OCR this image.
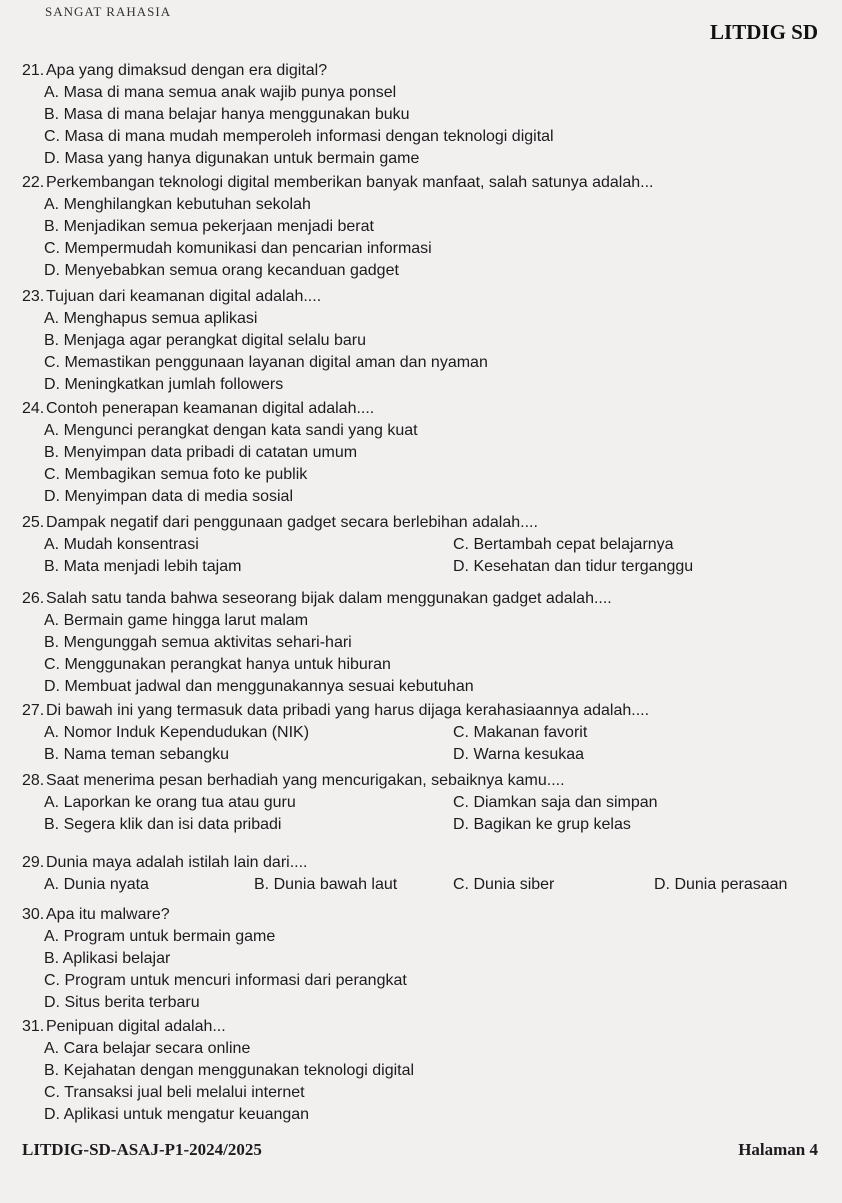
SANGAT RAHASIA
LITDIG SD
21. Apa yang dimaksud dengan era digital?
A. Masa di mana semua anak wajib punya ponsel
B. Masa di mana belajar hanya menggunakan buku
C. Masa di mana mudah memperoleh informasi dengan teknologi digital
D. Masa yang hanya digunakan untuk bermain game
22. Perkembangan teknologi digital memberikan banyak manfaat, salah satunya adalah...
A. Menghilangkan kebutuhan sekolah
B. Menjadikan semua pekerjaan menjadi berat
C. Mempermudah komunikasi dan pencarian informasi
D. Menyebabkan semua orang kecanduan gadget
23. Tujuan dari keamanan digital adalah....
A. Menghapus semua aplikasi
B. Menjaga agar perangkat digital selalu baru
C. Memastikan penggunaan layanan digital aman dan nyaman
D. Meningkatkan jumlah followers
24. Contoh penerapan keamanan digital adalah....
A. Mengunci perangkat dengan kata sandi yang kuat
B. Menyimpan data pribadi di catatan umum
C. Membagikan semua foto ke publik
D. Menyimpan data di media sosial
25. Dampak negatif dari penggunaan gadget secara berlebihan adalah....
A. Mudah konsentrasi	C. Bertambah cepat belajarnya
B. Mata menjadi lebih tajam	D. Kesehatan dan tidur terganggu
26. Salah satu tanda bahwa seseorang bijak dalam menggunakan gadget adalah....
A. Bermain game hingga larut malam
B. Mengunggah semua aktivitas sehari-hari
C. Menggunakan perangkat hanya untuk hiburan
D. Membuat jadwal dan menggunakannya sesuai kebutuhan
27. Di bawah ini yang termasuk data pribadi yang harus dijaga kerahasiaannya adalah....
A. Nomor Induk Kependudukan (NIK)	C. Makanan favorit
B. Nama teman sebangku	D. Warna kesukaa
28. Saat menerima pesan berhadiah yang mencurigakan, sebaiknya kamu....
A. Laporkan ke orang tua atau guru	C. Diamkan saja dan simpan
B. Segera klik dan isi data pribadi	D. Bagikan ke grup kelas
29. Dunia maya adalah istilah lain dari....
A. Dunia nyata	B. Dunia bawah laut	C. Dunia siber	D. Dunia perasaan
30. Apa itu malware?
A. Program untuk bermain game
B. Aplikasi belajar
C. Program untuk mencuri informasi dari perangkat
D. Situs berita terbaru
31. Penipuan digital adalah...
A. Cara belajar secara online
B. Kejahatan dengan menggunakan teknologi digital
C. Transaksi jual beli melalui internet
D. Aplikasi untuk mengatur keuangan
LITDIG-SD-ASAJ-P1-2024/2025	Halaman 4
